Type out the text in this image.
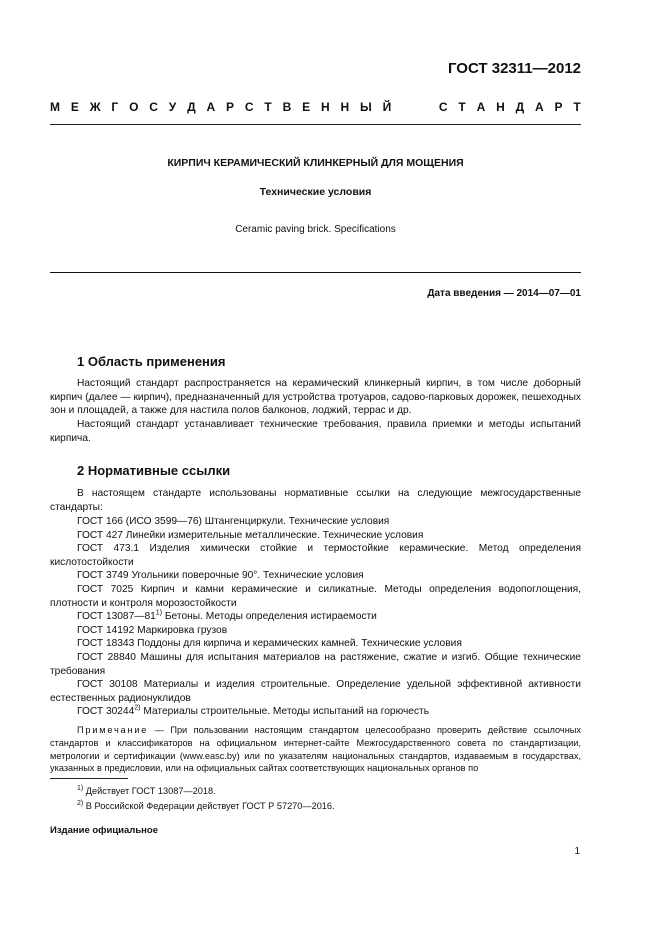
ГОСТ 32311—2012
М Е Ж Г О С У Д А Р С Т В Е Н Н Ы Й	С Т А Н Д А Р Т
КИРПИЧ КЕРАМИЧЕСКИЙ КЛИНКЕРНЫЙ ДЛЯ МОЩЕНИЯ
Технические условия
Ceramic paving brick. Specifications
Дата введения — 2014—07—01
1 Область применения

Настоящий стандарт распространяется на керамический клинкерный кирпич, в том числе доборный кирпич (далее — кирпич), предназначенный для устройства тротуаров, садово-парковых дорожек, пешеходных зон и площадей, а также для настила полов балконов, лоджий, террас и др.

Настоящий стандарт устанавливает технические требования, правила приемки и методы испытаний кирпича.

2 Нормативные ссылки

В настоящем стандарте использованы нормативные ссылки на следующие межгосударственные стандарты:

ГОСТ 166 (ИСО 3599—76) Штангенциркули. Технические условия
ГОСТ 427 Линейки измерительные металлические. Технические условия
ГОСТ 473.1 Изделия химически стойкие и термостойкие керамические. Метод определения кислотостойкости
ГОСТ 3749 Угольники поверочные 90°. Технические условия
ГОСТ 7025 Кирпич и камни керамические и силикатные. Методы определения водопоглощения, плотности и контроля морозостойкости
ГОСТ 13087—81$^{1)}$ Бетоны. Методы определения истираемости
ГОСТ 14192 Маркировка грузов
ГОСТ 18343 Поддоны для кирпича и керамических камней. Технические условия
ГОСТ 28840 Машины для испытания материалов на растяжение, сжатие и изгиб. Общие технические требования
ГОСТ 30108 Материалы и изделия строительные. Определение удельной эффективной активности естественных радионуклидов
ГОСТ 30244$^{2)}$ Материалы строительные. Методы испытаний на горючесть
Примечание — При пользовании настоящим стандартом целесообразно проверить действие ссылочных стандартов и классификаторов на официальном интернет-сайте Межгосударственного совета по стандартизации, метрологии и сертификации (www.easc.by) или по указателям национальных стандартов, издаваемым в государствах, указанных в предисловии, или на официальных сайтах соответствующих национальных органов по
$^{1)}$ Действует ГОСТ 13087—2018.
$^{2)}$ В Российской Федерации действует ГОСТ Р 57270—2016.
Издание официальное
1
